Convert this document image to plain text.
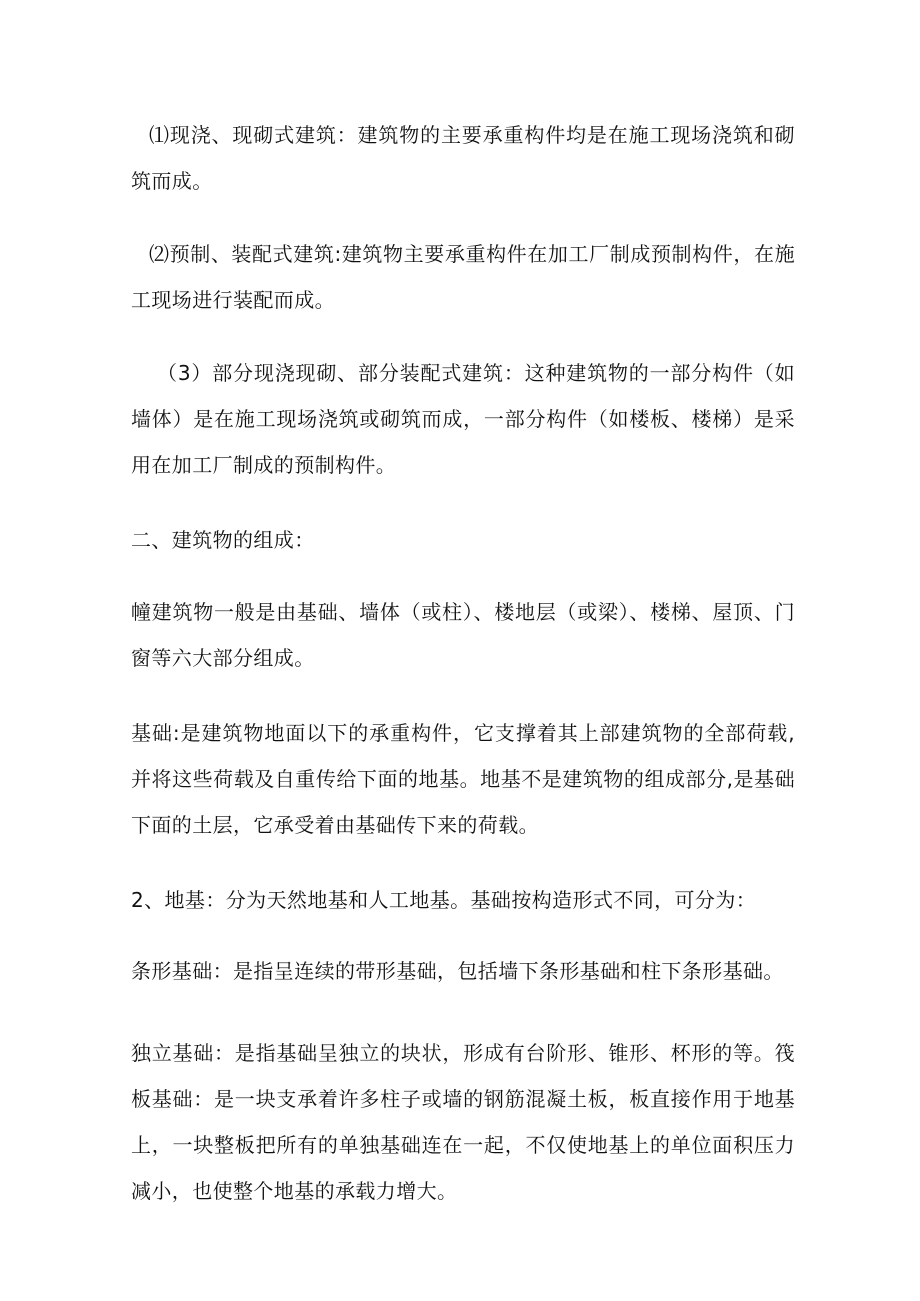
⑴现浇、现砌式建筑：建筑物的主要承重构件均是在施工现场浇筑和砌筑而成。

⑵预制、装配式建筑:建筑物主要承重构件在加工厂制成预制构件，在施工现场进行装配而成。

（3）部分现浇现砌、部分装配式建筑：这种建筑物的一部分构件（如墙体）是在施工现场浇筑或砌筑而成，一部分构件（如楼板、楼梯）是采用在加工厂制成的预制构件。

二、建筑物的组成：

幢建筑物一般是由基础、墙体（或柱）、楼地层（或梁）、楼梯、屋顶、门窗等六大部分组成。

基础:是建筑物地面以下的承重构件，它支撑着其上部建筑物的全部荷载,并将这些荷载及自重传给下面的地基。地基不是建筑物的组成部分,是基础下面的土层，它承受着由基础传下来的荷载。

2、地基：分为天然地基和人工地基。基础按构造形式不同，可分为：

条形基础：是指呈连续的带形基础，包括墙下条形基础和柱下条形基础。

独立基础：是指基础呈独立的块状，形成有台阶形、锥形、杯形的等。筏板基础：是一块支承着许多柱子或墙的钢筋混凝土板，板直接作用于地基上，一块整板把所有的单独基础连在一起，不仅使地基上的单位面积压力减小，也使整个地基的承载力增大。
